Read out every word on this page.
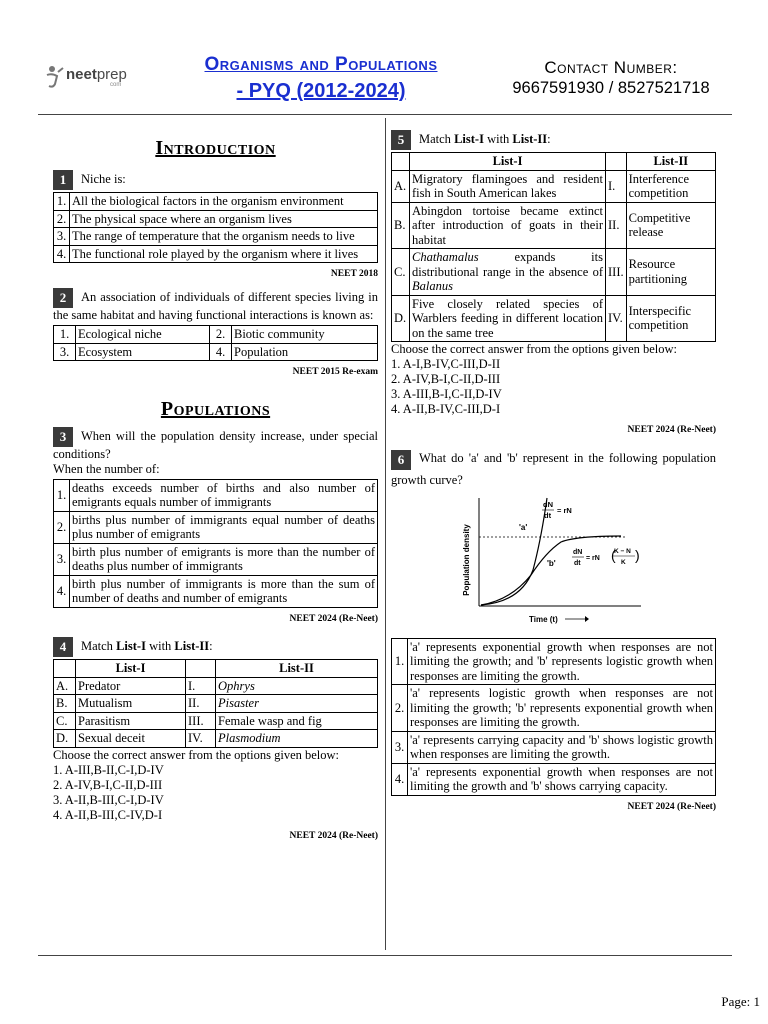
neetprep
com
Organisms and Populations
- PYQ (2012-2024)
Contact Number:
9667591930 / 8527521718
Introduction
1 Niche is:
1.	All the biological factors in the organism environment
2.	The physical space where an organism lives
3.	The range of temperature that the organism needs to live
4.	The functional role played by the organism where it lives
NEET 2018
2 An association of individuals of different species living in the same habitat and having functional interactions is known as:
1.	Ecological niche	2.	Biotic community
3.	Ecosystem	4.	Population
NEET 2015 Re-exam
Populations
3 When will the population density increase, under special conditions?
When the number of:
1.	deaths exceeds number of births and also number of emigrants equals number of immigrants
2.	births plus number of immigrants equal number of deaths plus number of emigrants
3.	birth plus number of emigrants is more than the number of deaths plus number of immigrants
4.	birth plus number of immigrants is more than the sum of number of deaths and number of emigrants
NEET 2024 (Re-Neet)
4 Match List-I with List-II:
	List-I		List-II
A.	Predator	I.	Ophrys
B.	Mutualism	II.	Pisaster
C.	Parasitism	III.	Female wasp and fig
D.	Sexual deceit	IV.	Plasmodium
Choose the correct answer from the options given below:
1. A-III,B-II,C-I,D-IV
2. A-IV,B-I,C-II,D-III
3. A-II,B-III,C-I,D-IV
4. A-II,B-III,C-IV,D-I
NEET 2024 (Re-Neet)
5 Match List-I with List-II:
	List-I		List-II
A.	Migratory flamingoes and resident fish in South American lakes	I.	Interference competition
B.	Abingdon tortoise became extinct after introduction of goats in their habitat	II.	Competitive release
C.	Chathamalus expands its distributional range in the absence of Balanus	III.	Resource partitioning
D.	Five closely related species of Warblers feeding in different location on the same tree	IV.	Interspecific competition
Choose the correct answer from the options given below:
1. A-I,B-IV,C-III,D-II
2. A-IV,B-I,C-II,D-III
3. A-III,B-I,C-II,D-IV
4. A-II,B-IV,C-III,D-I
NEET 2024 (Re-Neet)
6 What do 'a' and 'b' represent in the following population growth curve?
Population density	'a'
'b'
dN
dt
= rN
dN
dt
= rN
K − N
K
( )
Time (t)
1.	'a' represents exponential growth when responses are not limiting the growth; and 'b' represents logistic growth when responses are limiting the growth.
2.	'a' represents logistic growth when responses are not limiting the growth; 'b' represents exponential growth when responses are limiting the growth.
3.	'a' represents carrying capacity and 'b' shows logistic growth when responses are limiting the growth.
4.	'a' represents exponential growth when responses are not limiting the growth and 'b' shows carrying capacity.
NEET 2024 (Re-Neet)
Page: 1
